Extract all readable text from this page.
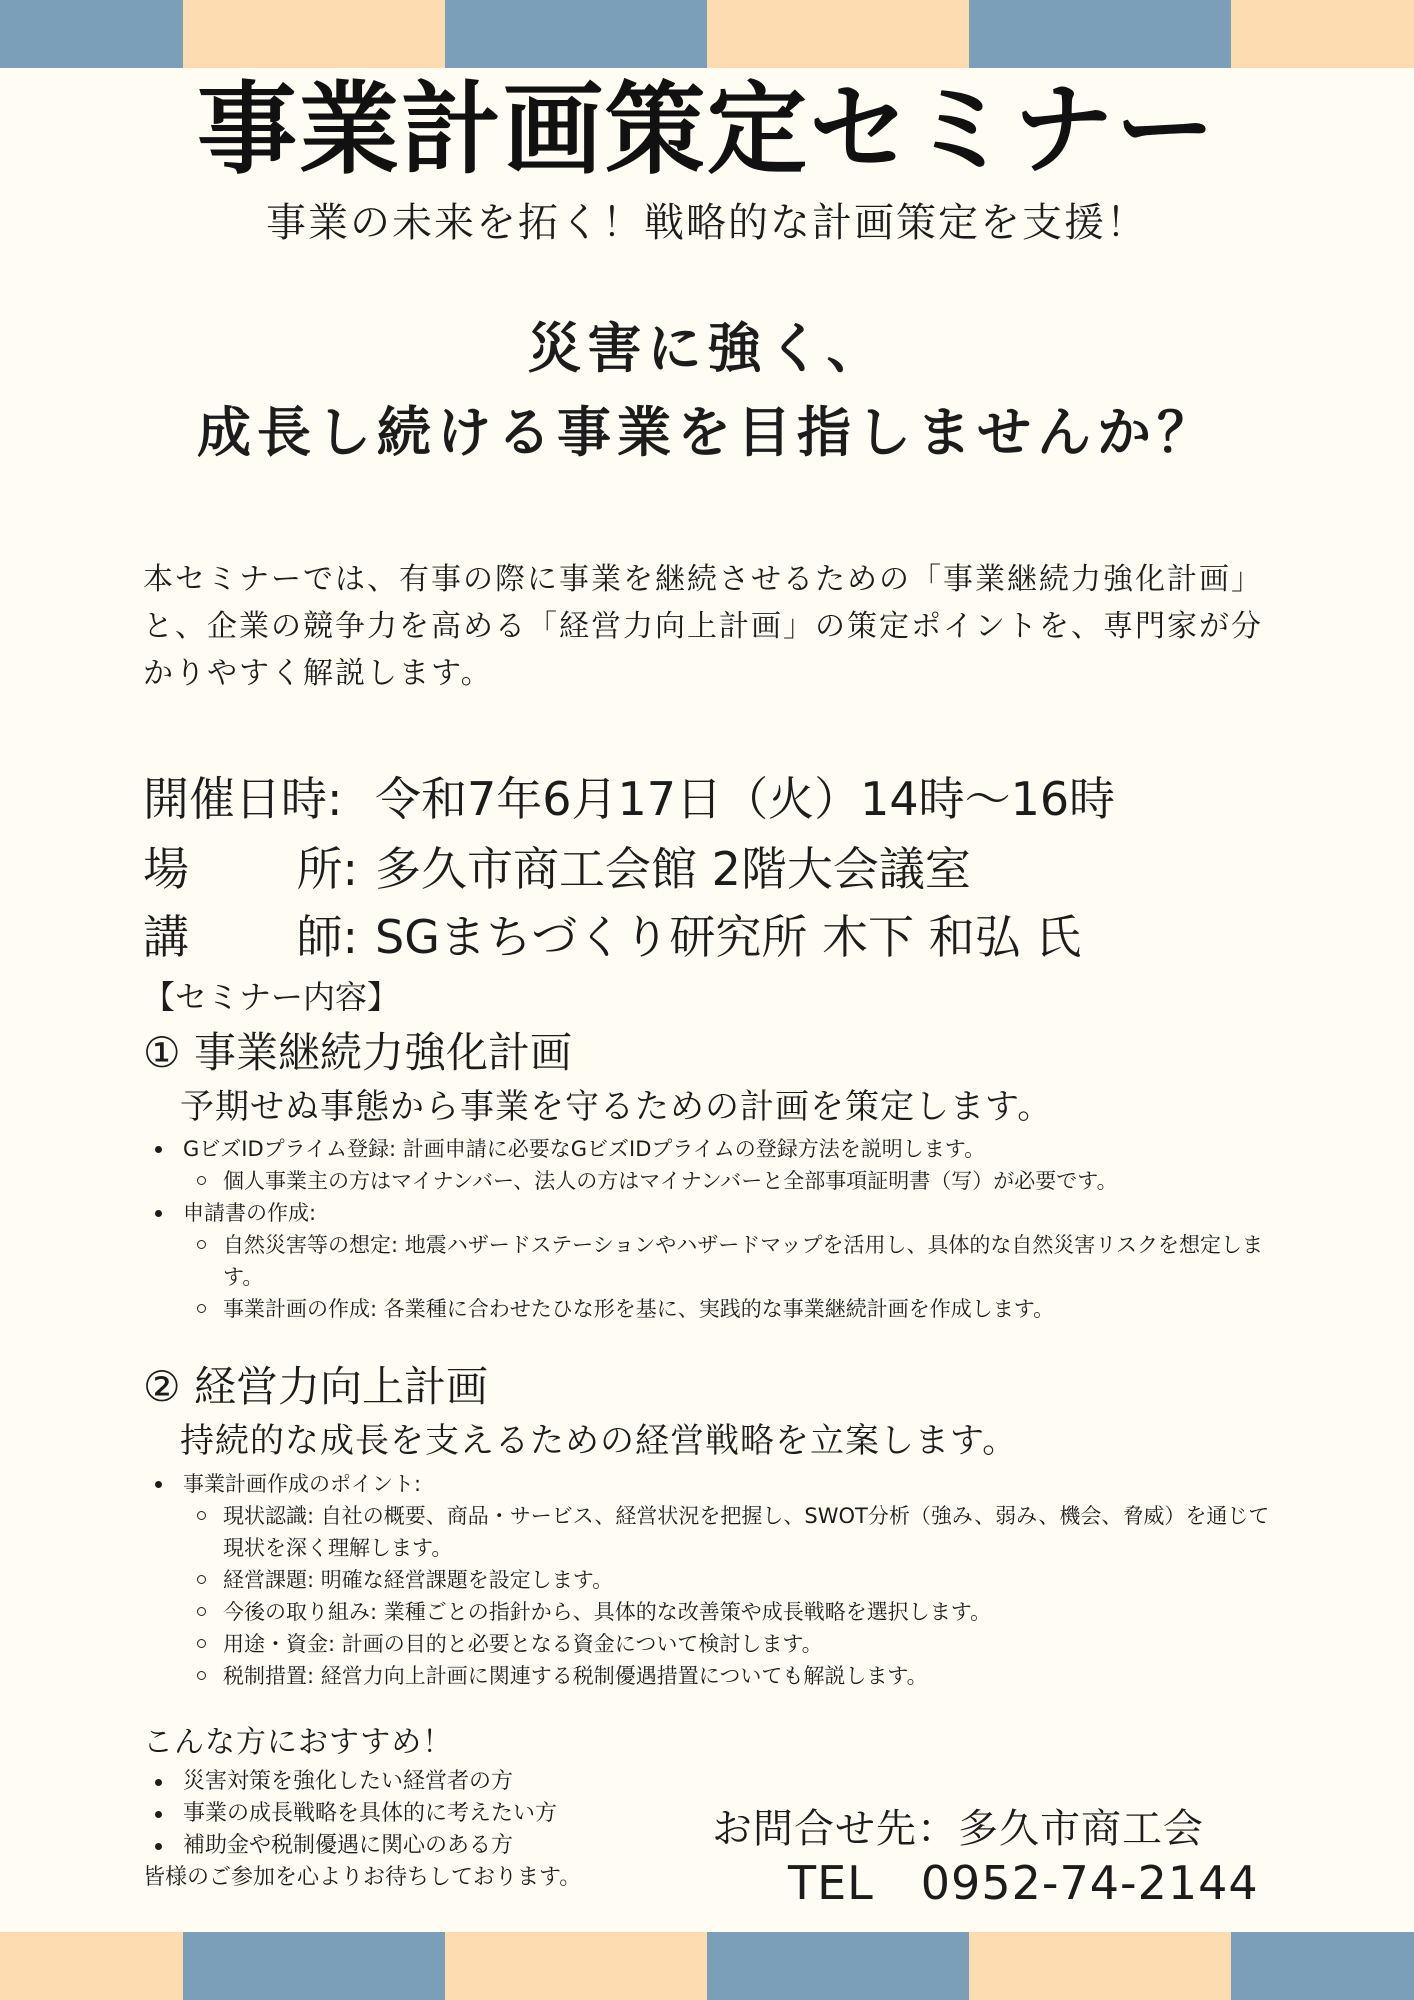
事業計画策定セミナー
事業の未来を拓く！戦略的な計画策定を支援！
災害に強く、
成長し続ける事業を目指しませんか？
本セミナーでは、有事の際に事業を継続させるための「事業継続力強化計画」と、企業の競争力を高める「経営力向上計画」の策定ポイントを、専門家が分かりやすく解説します。
開催日時: 令和7年6月17日（火）14時～16時
場 所: 多久市商工会館 2階大会議室
講 師: SGまちづくり研究所 木下 和弘 氏
【セミナー内容】
① 事業継続力強化計画
予期せぬ事態から事業を守るための計画を策定します。
GビズIDプライム登録: 計画申請に必要なGビズIDプライムの登録方法を説明します。
個人事業主の方はマイナンバー、法人の方はマイナンバーと全部事項証明書（写）が必要です。
申請書の作成:
自然災害等の想定: 地震ハザードステーションやハザードマップを活用し、具体的な自然災害リスクを想定します。
事業計画の作成: 各業種に合わせたひな形を基に、実践的な事業継続計画を作成します。
② 経営力向上計画
持続的な成長を支えるための経営戦略を立案します。
事業計画作成のポイント:
現状認識: 自社の概要、商品・サービス、経営状況を把握し、SWOT分析（強み、弱み、機会、脅威）を通じて現状を深く理解します。
経営課題: 明確な経営課題を設定します。
今後の取り組み: 業種ごとの指針から、具体的な改善策や成長戦略を選択します。
用途・資金: 計画の目的と必要となる資金について検討します。
税制措置: 経営力向上計画に関連する税制優遇措置についても解説します。
こんな方におすすめ！
災害対策を強化したい経営者の方
事業の成長戦略を具体的に考えたい方
補助金や税制優遇に関心のある方
皆様のご参加を心よりお待ちしております。
お問合せ先：多久市商工会
TEL　0952-74-2144
